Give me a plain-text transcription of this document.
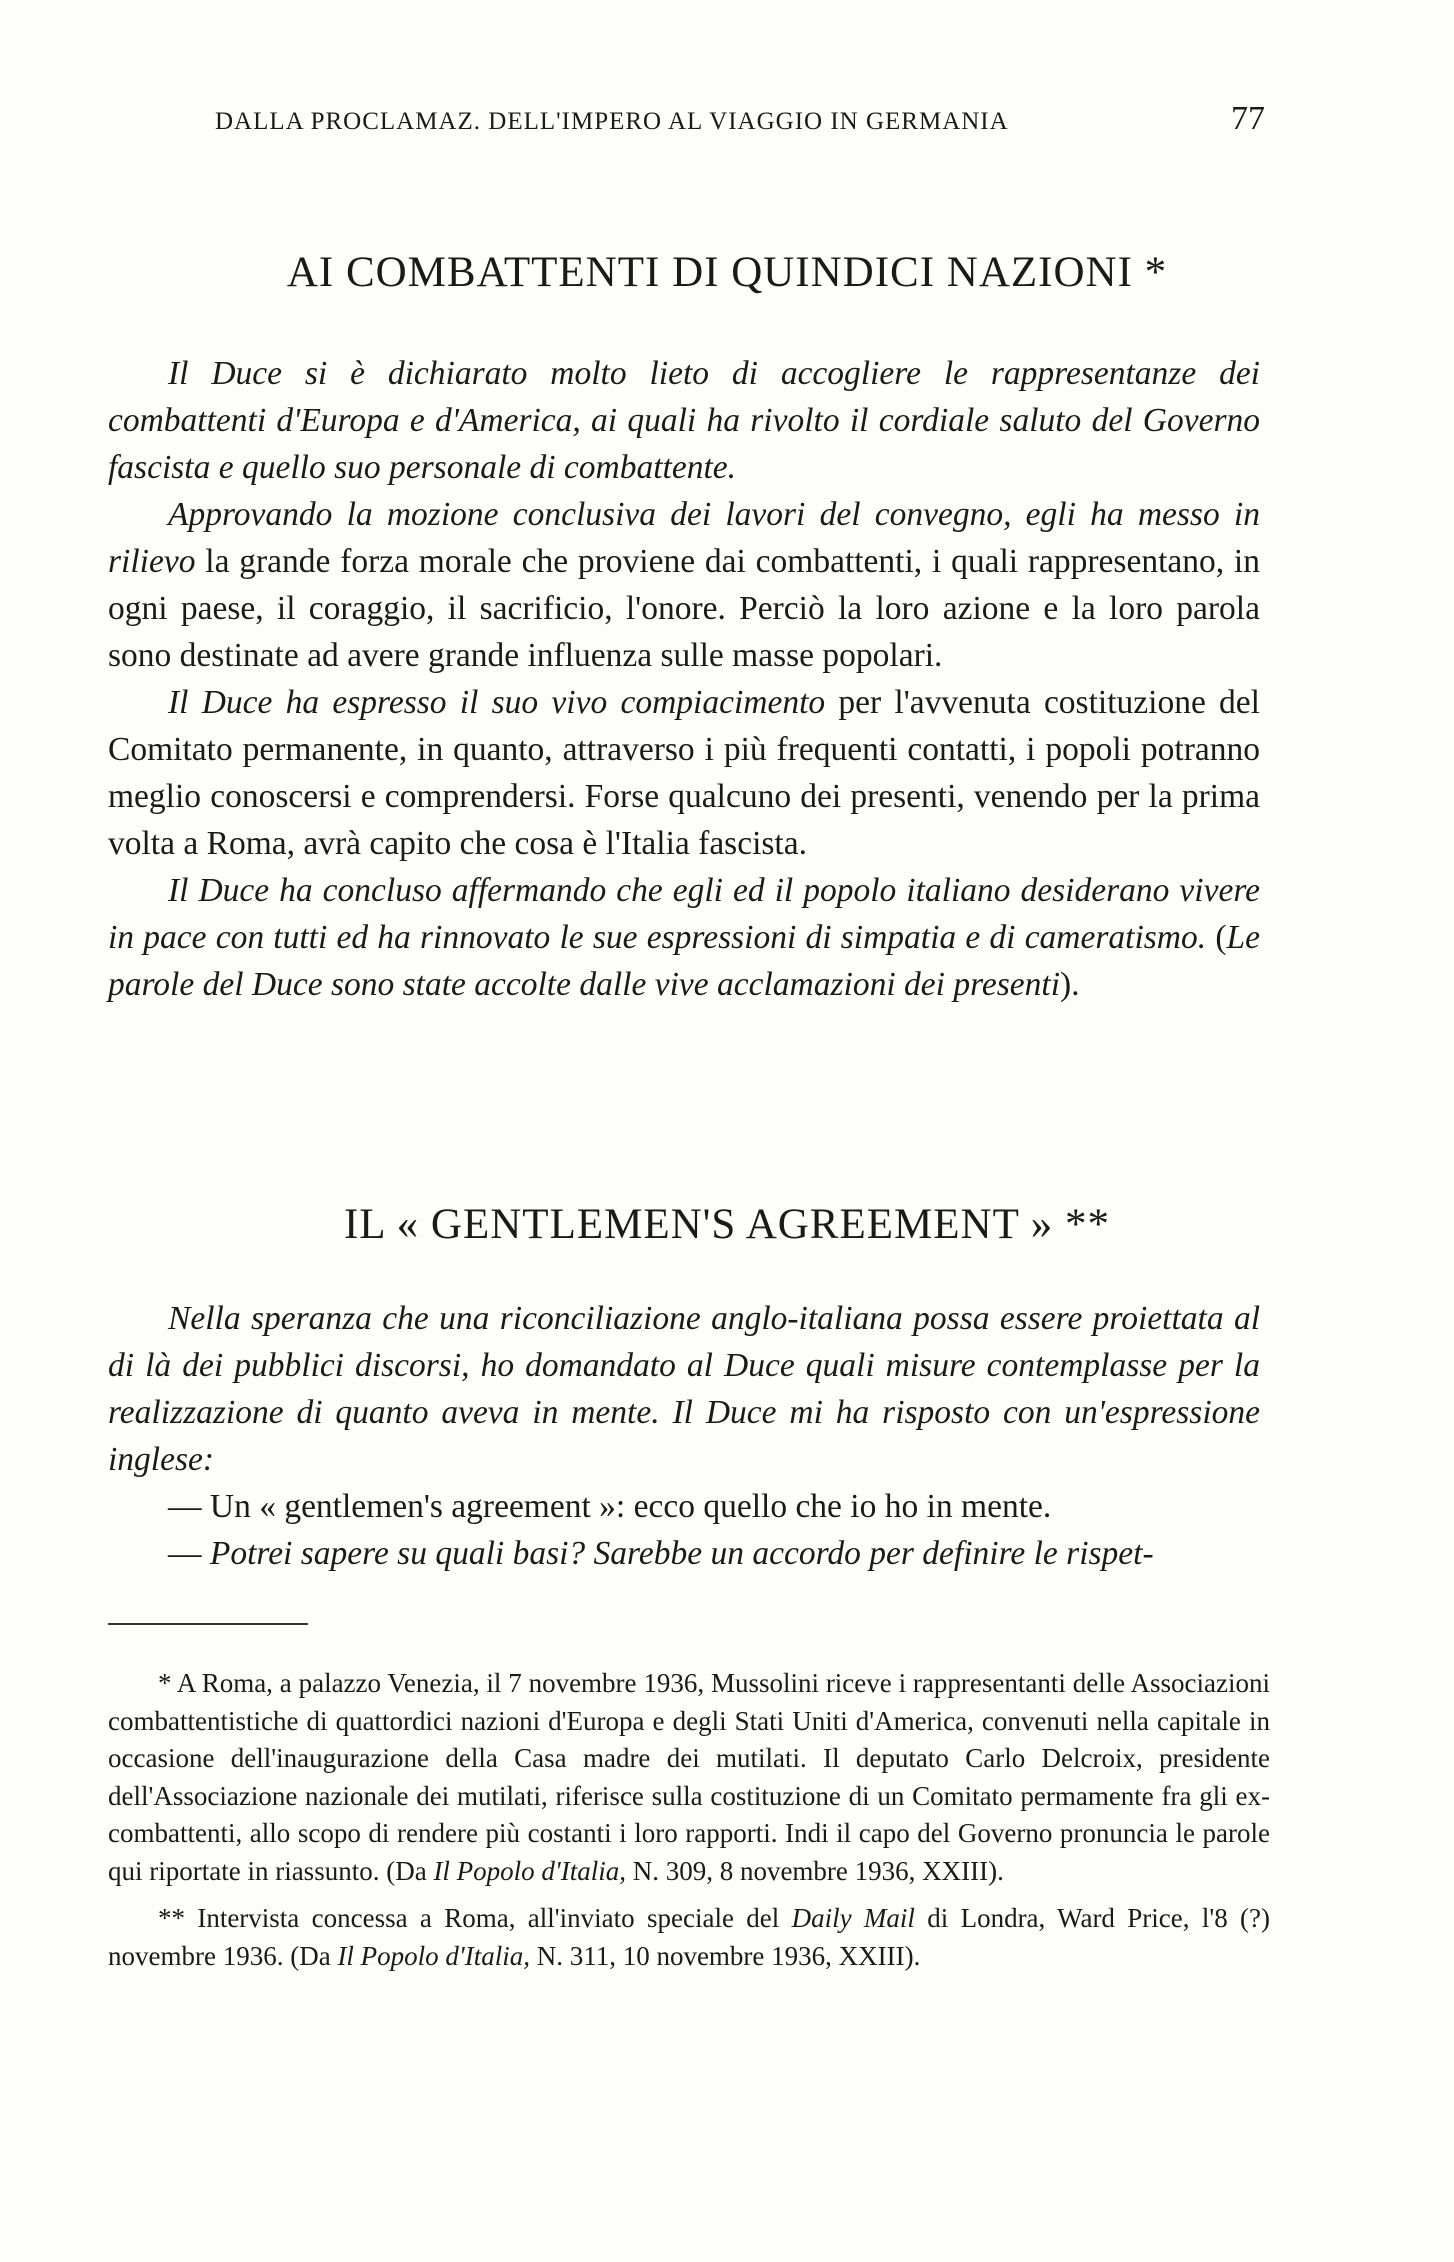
DALLA PROCLAMAZ. DELL'IMPERO AL VIAGGIO IN GERMANIA	77
AI COMBATTENTI DI QUINDICI NAZIONI *

Il Duce si è dichiarato molto lieto di accogliere le rappresentanze dei combattenti d'Europa e d'America, ai quali ha rivolto il cordiale saluto del Governo fascista e quello suo personale di combattente.

Approvando la mozione conclusiva dei lavori del convegno, egli ha messo in rilievo la grande forza morale che proviene dai combattenti, i quali rappresentano, in ogni paese, il coraggio, il sacrificio, l'onore. Perciò la loro azione e la loro parola sono destinate ad avere grande influenza sulle masse popolari.

Il Duce ha espresso il suo vivo compiacimento per l'avvenuta costituzione del Comitato permanente, in quanto, attraverso i più frequenti contatti, i popoli potranno meglio conoscersi e comprendersi. Forse qualcuno dei presenti, venendo per la prima volta a Roma, avrà capito che cosa è l'Italia fascista.

Il Duce ha concluso affermando che egli ed il popolo italiano desiderano vivere in pace con tutti ed ha rinnovato le sue espressioni di simpatia e di cameratismo. (Le parole del Duce sono state accolte dalle vive acclamazioni dei presenti).

IL « GENTLEMEN'S AGREEMENT » **

Nella speranza che una riconciliazione anglo-italiana possa essere proiettata al di là dei pubblici discorsi, ho domandato al Duce quali misure contemplasse per la realizzazione di quanto aveva in mente. Il Duce mi ha risposto con un'espressione inglese:

— Un « gentlemen's agreement »: ecco quello che io ho in mente.

— Potrei sapere su quali basi? Sarebbe un accordo per definire le rispet-

* A Roma, a palazzo Venezia, il 7 novembre 1936, Mussolini riceve i rappresentanti delle Associazioni combattentistiche di quattordici nazioni d'Europa e degli Stati Uniti d'America, convenuti nella capitale in occasione dell'inaugurazione della Casa madre dei mutilati. Il deputato Carlo Delcroix, presidente dell'Associazione nazionale dei mutilati, riferisce sulla costituzione di un Comitato permamente fra gli ex-combattenti, allo scopo di rendere più costanti i loro rapporti. Indi il capo del Governo pronuncia le parole qui riportate in riassunto. (Da Il Popolo d'Italia, N. 309, 8 novembre 1936, XXIII).

** Intervista concessa a Roma, all'inviato speciale del Daily Mail di Londra, Ward Price, l'8 (?) novembre 1936. (Da Il Popolo d'Italia, N. 311, 10 novembre 1936, XXIII).
